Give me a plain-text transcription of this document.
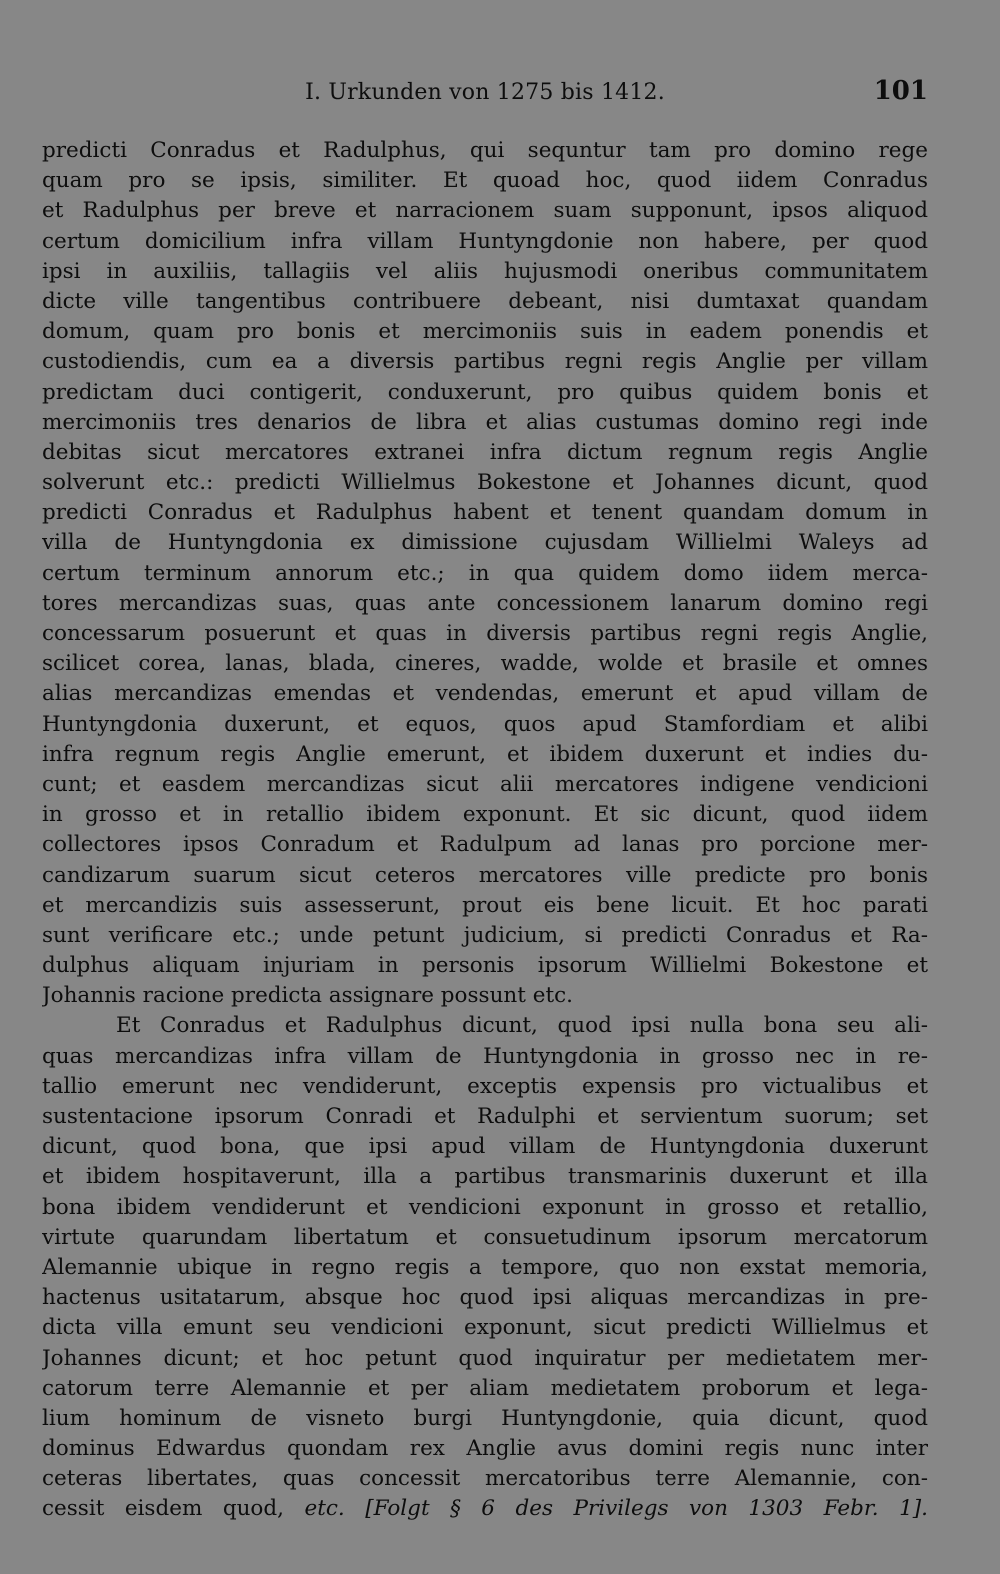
I. Urkunden von 1275 bis 1412.	101
predicti Conradus et Radulphus, qui sequntur tam pro domino rege
quam pro se ipsis, similiter. Et quoad hoc, quod iidem Conradus
et Radulphus per breve et narracionem suam supponunt, ipsos aliquod
certum domicilium infra villam Huntyngdonie non habere, per quod
ipsi in auxiliis, tallagiis vel aliis hujusmodi oneribus communitatem
dicte ville tangentibus contribuere debeant, nisi dumtaxat quandam
domum, quam pro bonis et mercimoniis suis in eadem ponendis et
custodiendis, cum ea a diversis partibus regni regis Anglie per villam
predictam duci contigerit, conduxerunt, pro quibus quidem bonis et
mercimoniis tres denarios de libra et alias custumas domino regi inde
debitas sicut mercatores extranei infra dictum regnum regis Anglie
solverunt etc.: predicti Willielmus Bokestone et Johannes dicunt, quod
predicti Conradus et Radulphus habent et tenent quandam domum in
villa de Huntyngdonia ex dimissione cujusdam Willielmi Waleys ad
certum terminum annorum etc.; in qua quidem domo iidem merca-
tores mercandizas suas, quas ante concessionem lanarum domino regi
concessarum posuerunt et quas in diversis partibus regni regis Anglie,
scilicet corea, lanas, blada, cineres, wadde, wolde et brasile et omnes
alias mercandizas emendas et vendendas, emerunt et apud villam de
Huntyngdonia duxerunt, et equos, quos apud Stamfordiam et alibi
infra regnum regis Anglie emerunt, et ibidem duxerunt et indies du-
cunt; et easdem mercandizas sicut alii mercatores indigene vendicioni
in grosso et in retallio ibidem exponunt. Et sic dicunt, quod iidem
collectores ipsos Conradum et Radulpum ad lanas pro porcione mer-
candizarum suarum sicut ceteros mercatores ville predicte pro bonis
et mercandizis suis assesserunt, prout eis bene licuit. Et hoc parati
sunt verificare etc.; unde petunt judicium, si predicti Conradus et Ra-
dulphus aliquam injuriam in personis ipsorum Willielmi Bokestone et
Johannis racione predicta assignare possunt etc.
Et Conradus et Radulphus dicunt, quod ipsi nulla bona seu ali-
quas mercandizas infra villam de Huntyngdonia in grosso nec in re-
tallio emerunt nec vendiderunt, exceptis expensis pro victualibus et
sustentacione ipsorum Conradi et Radulphi et servientum suorum; set
dicunt, quod bona, que ipsi apud villam de Huntyngdonia duxerunt
et ibidem hospitaverunt, illa a partibus transmarinis duxerunt et illa
bona ibidem vendiderunt et vendicioni exponunt in grosso et retallio,
virtute quarundam libertatum et consuetudinum ipsorum mercatorum
Alemannie ubique in regno regis a tempore, quo non exstat memoria,
hactenus usitatarum, absque hoc quod ipsi aliquas mercandizas in pre-
dicta villa emunt seu vendicioni exponunt, sicut predicti Willielmus et
Johannes dicunt; et hoc petunt quod inquiratur per medietatem mer-
catorum terre Alemannie et per aliam medietatem proborum et lega-
lium hominum de visneto burgi Huntyngdonie, quia dicunt, quod
dominus Edwardus quondam rex Anglie avus domini regis nunc inter
ceteras libertates, quas concessit mercatoribus terre Alemannie, con-
cessit eisdem quod, etc. [Folgt § 6 des Privilegs von 1303 Febr. 1].
